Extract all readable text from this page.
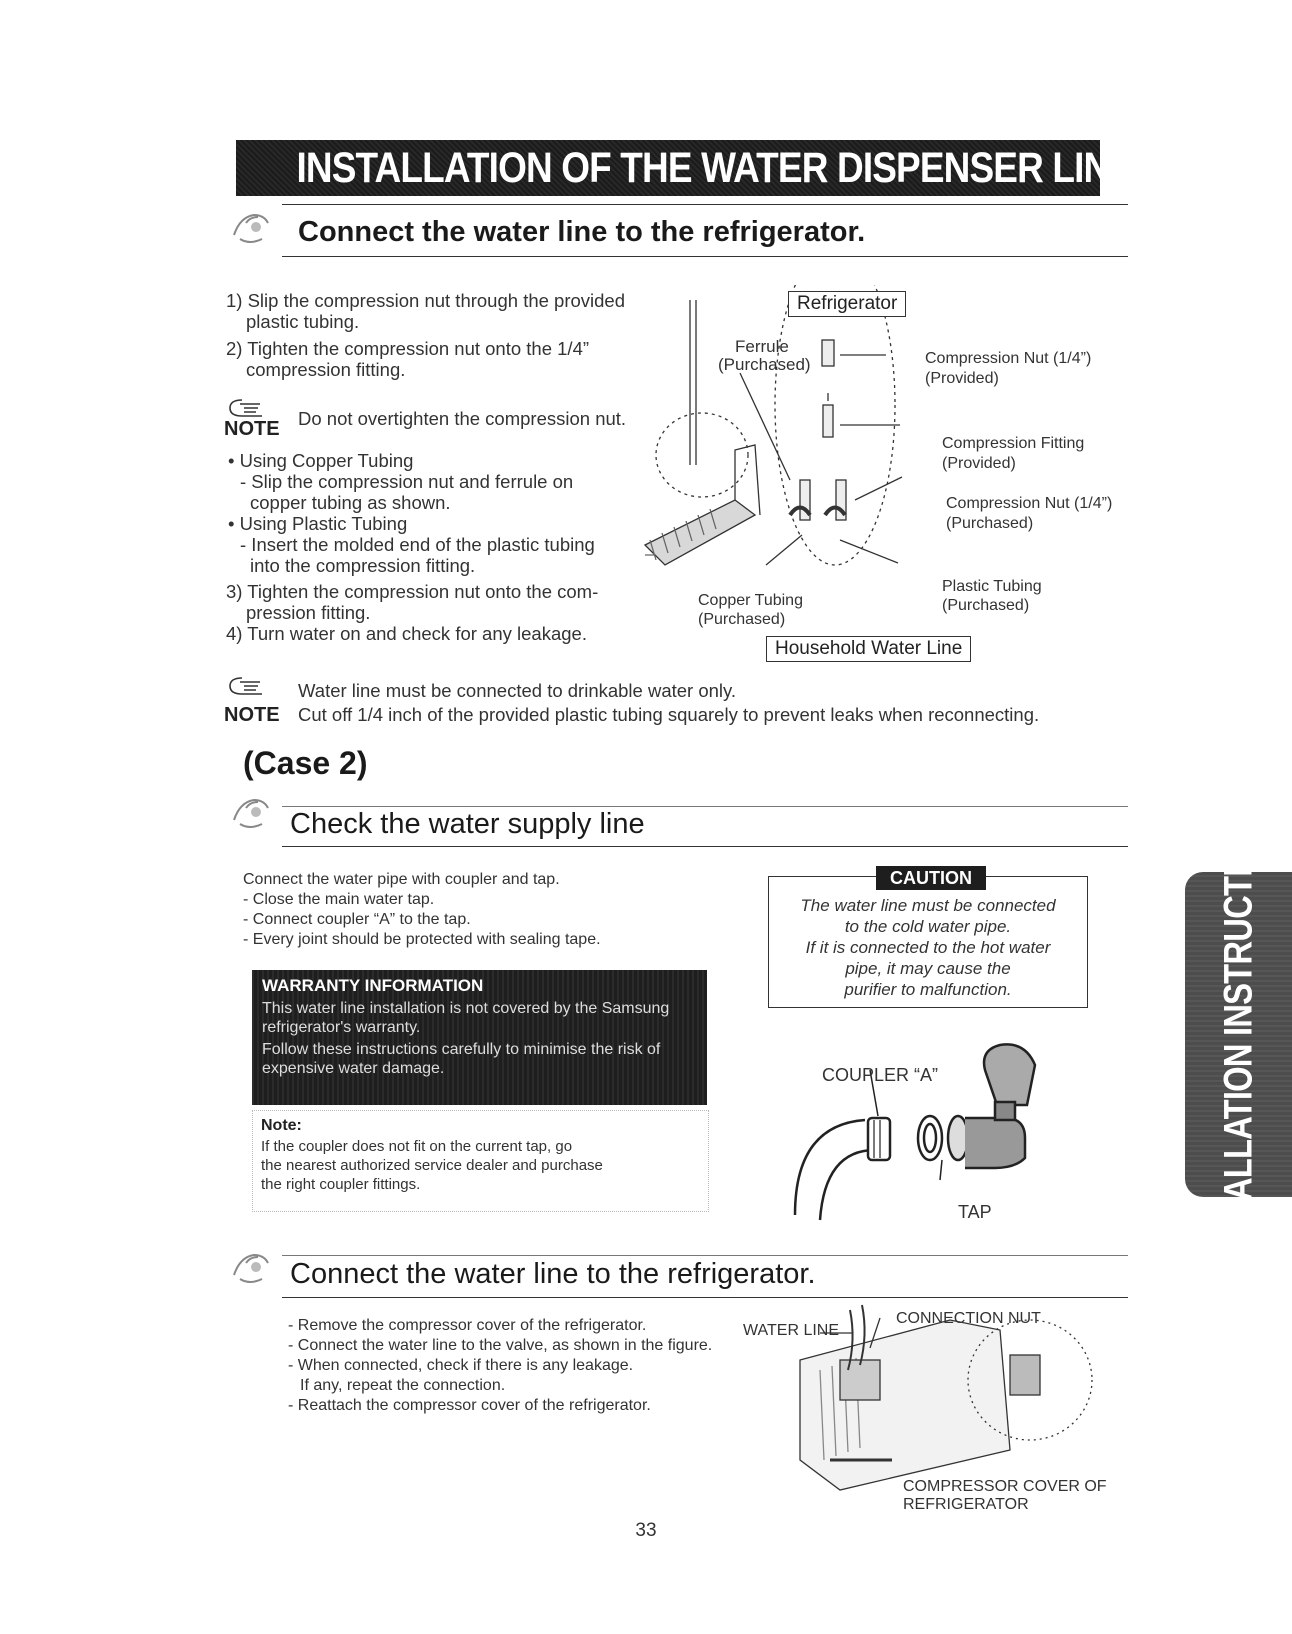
INSTALLATION OF THE WATER DISPENSER LINE
Connect the water line to the refrigerator.
1) Slip the compression nut through the provided
plastic tubing.
2) Tighten the compression nut onto the 1/4”
compression fitting.
NOTE Do not overtighten the compression nut.
• Using Copper Tubing
- Slip the compression nut and ferrule on
copper tubing as shown.
• Using Plastic Tubing
- Insert the molded end of the plastic tubing
into the compression fitting.
3) Tighten the compression nut onto the com-
pression fitting.
4) Turn water on and check for any leakage.
Refrigerator
Ferrule
(Purchased)	Compression Nut (1/4”)
(Provided)
Compression Fitting
(Provided)
Compression Nut (1/4”)
(Purchased)
Plastic Tubing
(Purchased)
Copper Tubing
(Purchased)
Household Water Line
NOTE
Water line must be connected to drinkable water only.
Cut off 1/4 inch of the provided plastic tubing squarely to prevent leaks when reconnecting.
(Case 2)
Check the water supply line
Connect the water pipe with coupler and tap.
- Close the main water tap.
- Connect coupler “A” to the tap.
- Every joint should be protected with sealing tape.
WARRANTY INFORMATION
This water line installation is not covered by the Samsung
refrigerator's warranty.
Follow these instructions carefully to minimise the risk of
expensive water damage.
Note:
If the coupler does not fit on the current tap, go
the nearest authorized service dealer and purchase
the right coupler fittings.
CAUTION
The water line must be connected
to the cold water pipe.
If it is connected to the hot water
pipe, it may cause the
purifier to malfunction.
COUPLER “A”
TAP	INSTALLATION INSTRUCTIONS
Connect the water line to the refrigerator.
- Remove the compressor cover of the refrigerator.
- Connect the water line to the valve, as shown in the figure.
- When connected, check if there is any leakage.
If any, repeat the connection.
- Reattach the compressor cover of the refrigerator.
WATER LINE
CONNECTION NUT
COMPRESSOR COVER OF
REFRIGERATOR
33
